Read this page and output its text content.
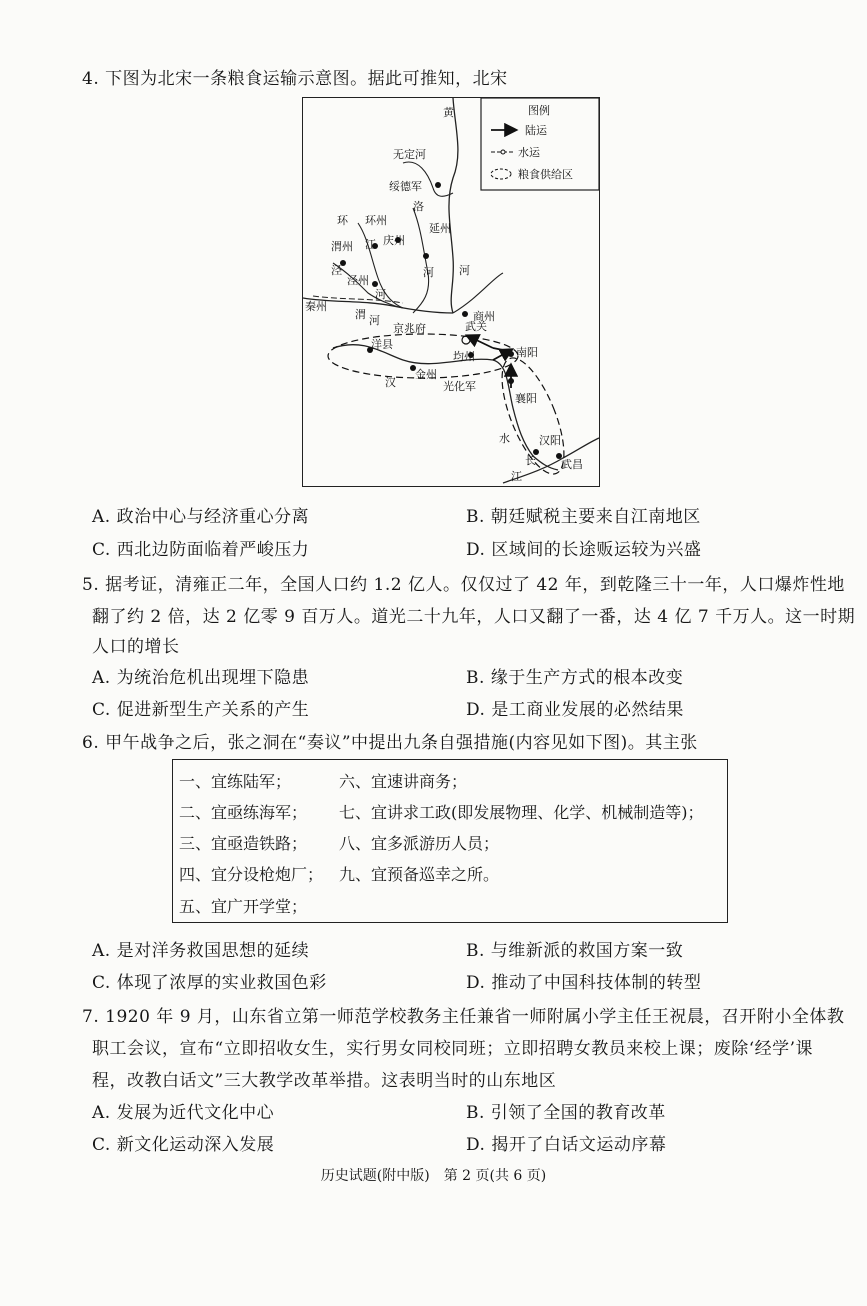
4. 下图为北宋一条粮食运输示意图。据此可推知，北宋
图例
陆运
水运
粮食供给区
黄
无定河
绥德军
洛
环 环州
江 庆州
延州
渭州
河 河
泾
泾州
河
秦州
渭 河	商州
武关
京兆府
洋县
均州	南阳
金州
汉	光化军
襄阳
水	汉阳
长
江
武昌
A. 政治中心与经济重心分离	B. 朝廷赋税主要来自江南地区
C. 西北边防面临着严峻压力	D. 区域间的长途贩运较为兴盛
5. 据考证，清雍正二年，全国人口约 1.2 亿人。仅仅过了 42 年，到乾隆三十一年，人口爆炸性地
翻了约 2 倍，达 2 亿零 9 百万人。道光二十九年，人口又翻了一番，达 4 亿 7 千万人。这一时期
人口的增长
A. 为统治危机出现埋下隐患	B. 缘于生产方式的根本改变
C. 促进新型生产关系的产生	D. 是工商业发展的必然结果
6. 甲午战争之后，张之洞在“奏议”中提出九条自强措施(内容见如下图)。其主张
一、宜练陆军；
二、宜亟练海军；
三、宜亟造铁路；
四、宜分设枪炮厂；
五、宜广开学堂；
六、宜速讲商务；
七、宜讲求工政(即发展物理、化学、机械制造等)；
八、宜多派游历人员；
九、宜预备巡幸之所。
A. 是对洋务救国思想的延续	B. 与维新派的救国方案一致
C. 体现了浓厚的实业救国色彩	D. 推动了中国科技体制的转型
7. 1920 年 9 月，山东省立第一师范学校教务主任兼省一师附属小学主任王祝晨，召开附小全体教
职工会议，宣布“立即招收女生，实行男女同校同班；立即招聘女教员来校上课；废除‘经学’课
程，改教白话文”三大教学改革举措。这表明当时的山东地区
A. 发展为近代文化中心	B. 引领了全国的教育改革
C. 新文化运动深入发展	D. 揭开了白话文运动序幕
历史试题(附中版)　第 2 页(共 6 页)
